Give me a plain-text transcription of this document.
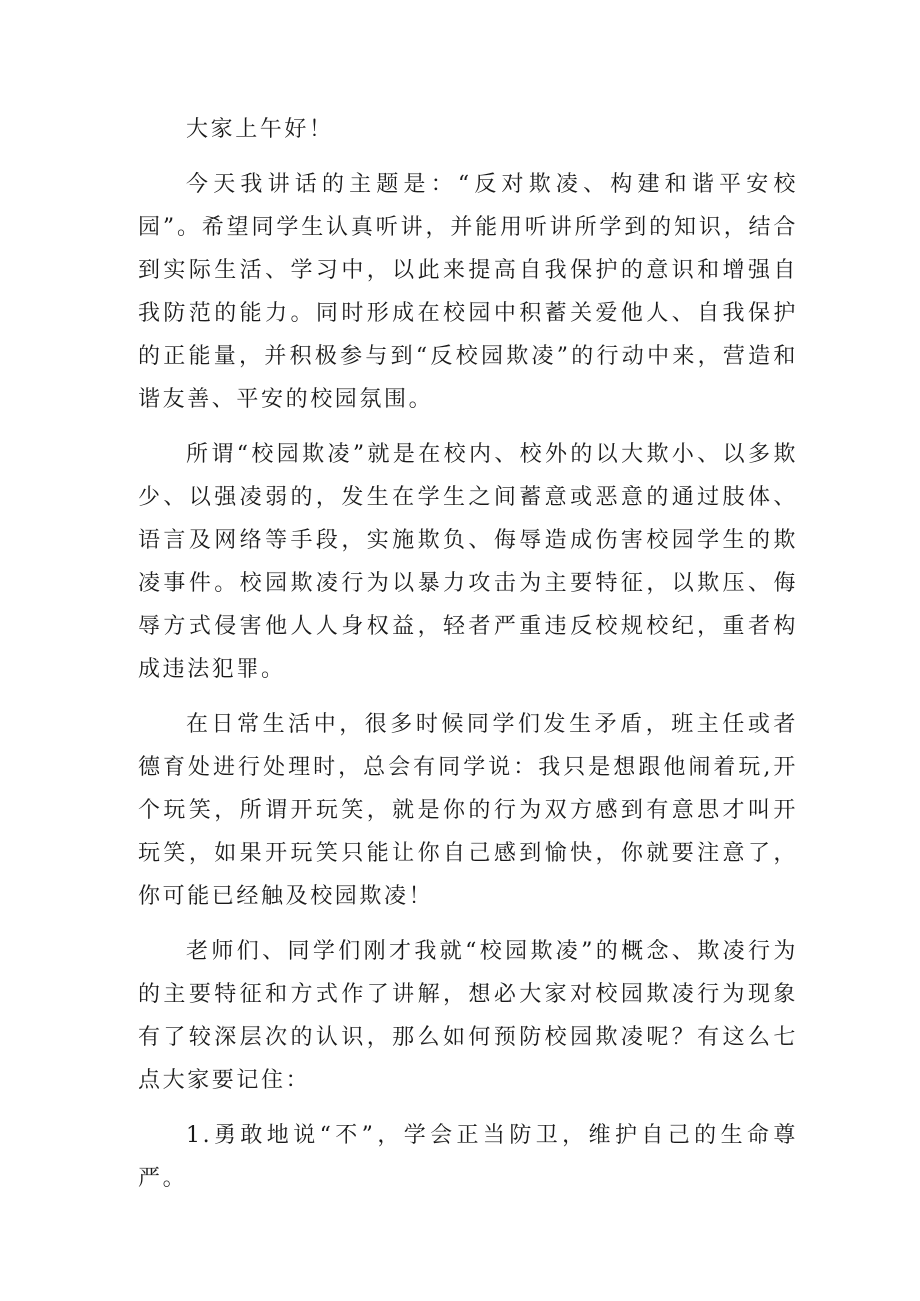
大家上午好！

今天我讲话的主题是：“反对欺凌、构建和谐平安校园”。希望同学生认真听讲，并能用听讲所学到的知识，结合到实际生活、学习中，以此来提高自我保护的意识和增强自我防范的能力。同时形成在校园中积蓄关爱他人、自我保护的正能量，并积极参与到“反校园欺凌”的行动中来，营造和谐友善、平安的校园氛围。

所谓“校园欺凌”就是在校内、校外的以大欺小、以多欺少、以强凌弱的，发生在学生之间蓄意或恶意的通过肢体、语言及网络等手段，实施欺负、侮辱造成伤害校园学生的欺凌事件。校园欺凌行为以暴力攻击为主要特征，以欺压、侮辱方式侵害他人人身权益，轻者严重违反校规校纪，重者构成违法犯罪。

在日常生活中，很多时候同学们发生矛盾，班主任或者德育处进行处理时，总会有同学说：我只是想跟他闹着玩,开个玩笑，所谓开玩笑，就是你的行为双方感到有意思才叫开玩笑，如果开玩笑只能让你自己感到愉快，你就要注意了，你可能已经触及校园欺凌！

老师们、同学们刚才我就“校园欺凌”的概念、欺凌行为的主要特征和方式作了讲解，想必大家对校园欺凌行为现象有了较深层次的认识，那么如何预防校园欺凌呢？有这么七点大家要记住：

1.勇敢地说“不”，学会正当防卫，维护自己的生命尊严。
